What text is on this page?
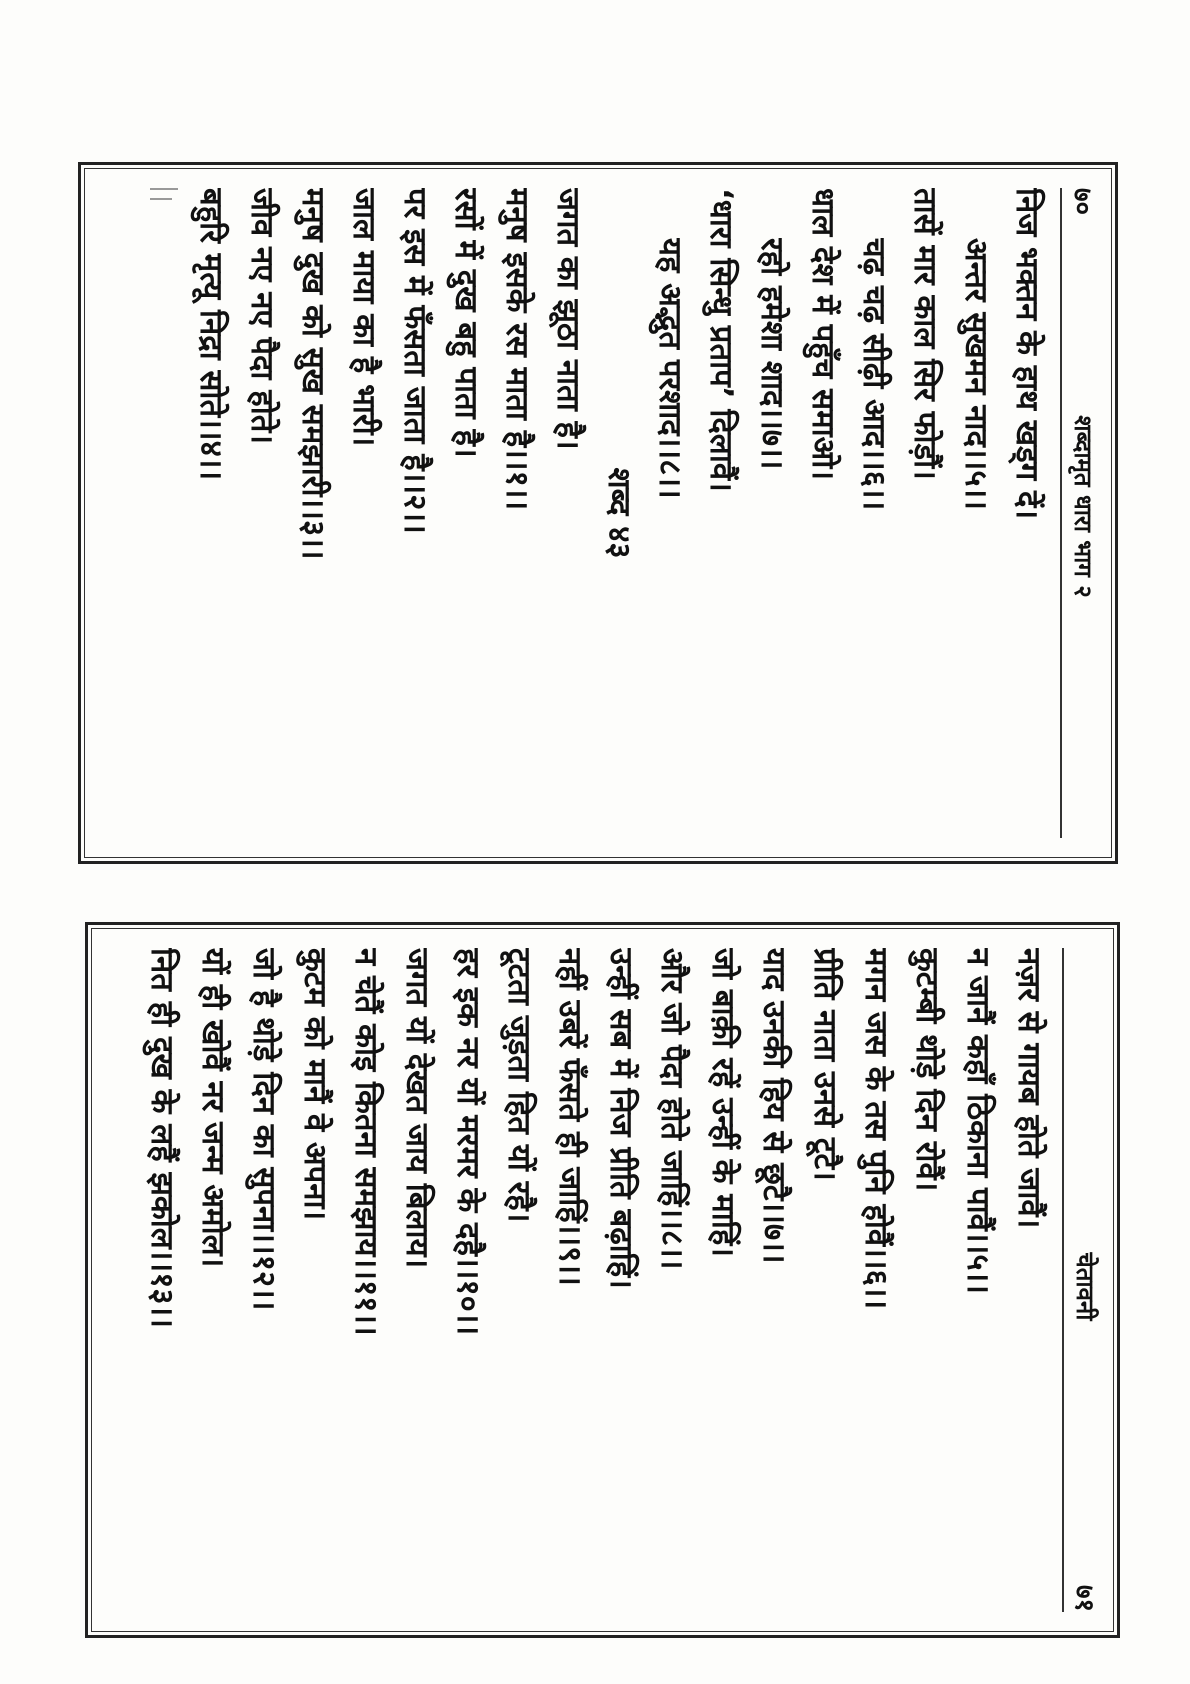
७०
शब्दामृत धारा भाग २
निज भक्तन के हाथ खड्ग दें।
अन्तर सुखमन नाद।।५।।
तासें मार काल सिर फोड़ौं।
चढ़ चढ़ सीढ़ी आद।।६।।
धाल देश में पहुँच समाओ।
रहो हमेशा शाद।।७।।
‘धारा सिन्धु प्रताप’ दिलावैं।
यह अद्भुत परशाद।।८।।
शब्द ४३
जगत का झूठा नाता है।
मनुष इसके रस माता है।।१।।
रसों में दुख बहु पाता है।
पर इस में फँसता जाता है।।२।।
जाल माया का है भारी।
मनुष दुख को सुख समझारी।।३।।
जीव नए नए पैदा होते।
बहुरि मृत्यू निद्रा सोते।।४।।
चेतावनी
७१
नज़र से गायब होते जावैं।
न जानैं कहाँ ठिकाना पावैं।।५।।
कुटम्बी थोड़े दिन रोवैं।
मगन जस के तस पुनि होवैं।।६।।
प्रीति नाता उनसे टूटै।
याद उनकी हिय से छूटै।।७।।
जो बाक़ी रहें उन्हीं के माहिं।
और जो पैदा होते जाहिं।।८।।
उन्हीं सब में निज प्रीति बढ़ाहिं।
नहीं उबरें फँसते ही जाहिं।।९।।
टूटता जुड़ता हित यों रहै।
हर इक नर यों मरमर के दहै।।१०।।
जगत यों देखत जाय बिलाय।
न चेतैं कोइ कितना समझाय।।११।।
कुटम को मानैं वे अपना।
जो है थोड़े दिन का सुपना।।१२।।
यों ही खोवैं नर जन्म अमोल।
नित ही दुख के लहैं झकोल।।१३।।
